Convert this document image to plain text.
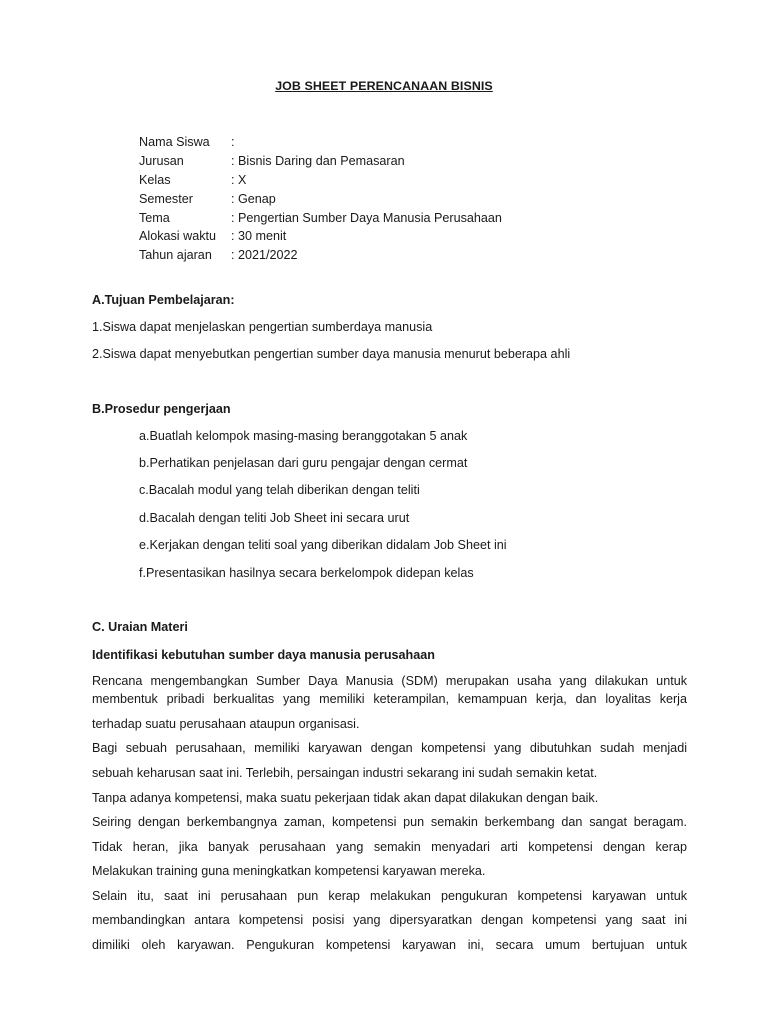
JOB SHEET PERENCANAAN BISNIS
Nama Siswa :
Jurusan	: Bisnis Daring dan Pemasaran
Kelas	: X
Semester	: Genap
Tema	: Pengertian Sumber Daya Manusia Perusahaan
Alokasi waktu : 30 menit
Tahun ajaran : 2021/2022
A.Tujuan Pembelajaran:
1.Siswa dapat menjelaskan pengertian sumberdaya manusia
2.Siswa dapat menyebutkan pengertian sumber daya manusia menurut beberapa ahli
B.Prosedur pengerjaan
a.Buatlah kelompok masing-masing beranggotakan 5 anak
b.Perhatikan penjelasan dari guru pengajar dengan cermat
c.Bacalah modul yang telah diberikan dengan teliti
d.Bacalah dengan teliti Job Sheet ini secara urut
e.Kerjakan dengan teliti soal yang diberikan didalam Job Sheet ini
f.Presentasikan hasilnya secara berkelompok didepan kelas
C. Uraian Materi
Identifikasi kebutuhan sumber daya manusia perusahaan
Rencana mengembangkan Sumber Daya Manusia (SDM) merupakan usaha yang dilakukan untuk
membentuk pribadi berkualitas yang memiliki keterampilan, kemampuan kerja, dan loyalitas kerja
terhadap suatu perusahaan ataupun organisasi.
Bagi sebuah perusahaan, memiliki karyawan dengan kompetensi yang dibutuhkan sudah menjadi
sebuah keharusan saat ini. Terlebih, persaingan industri sekarang ini sudah semakin ketat.
Tanpa adanya kompetensi, maka suatu pekerjaan tidak akan dapat dilakukan dengan baik.
Seiring dengan berkembangnya zaman, kompetensi pun semakin berkembang dan sangat beragam.
Tidak heran, jika banyak perusahaan yang semakin menyadari arti kompetensi dengan kerap
Melakukan training guna meningkatkan kompetensi karyawan mereka.
Selain itu, saat ini perusahaan pun kerap melakukan pengukuran kompetensi karyawan untuk
membandingkan antara kompetensi posisi yang dipersyaratkan dengan kompetensi yang saat ini
dimiliki oleh karyawan. Pengukuran kompetensi karyawan ini, secara umum bertujuan untuk
